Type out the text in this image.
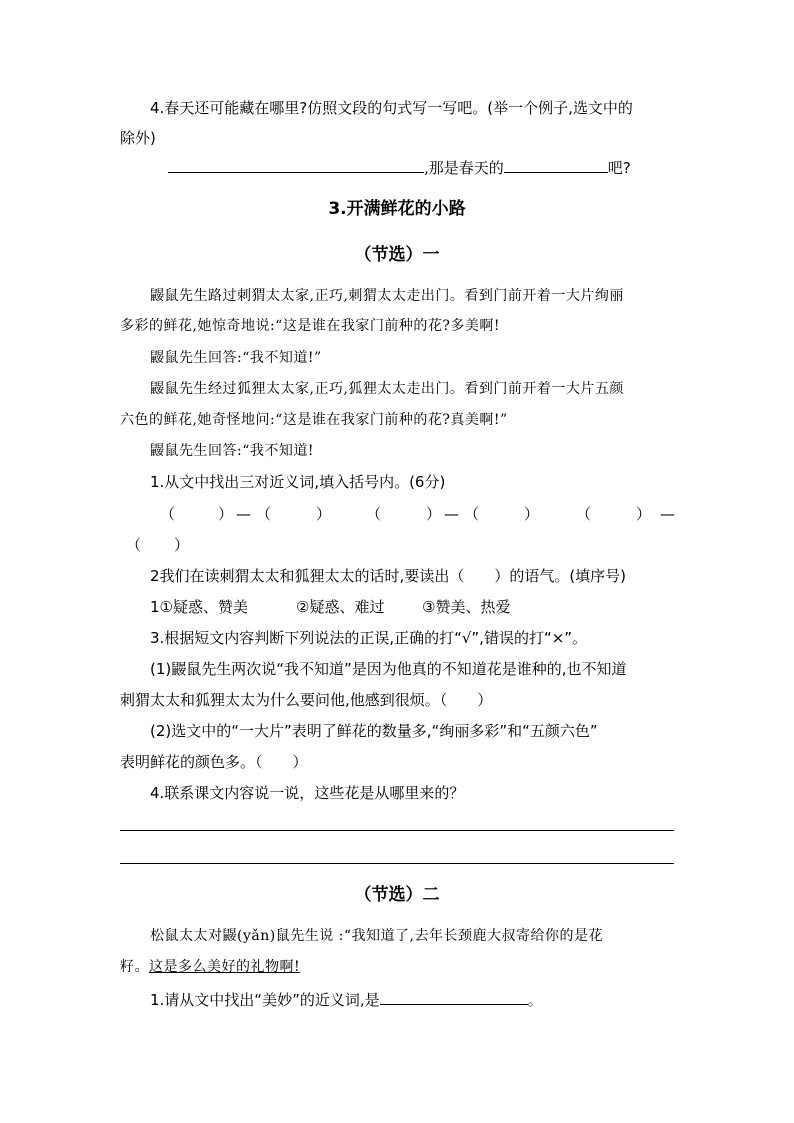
4.春天还可能藏在哪里?仿照文段的句式写一写吧。(举一个例子,选文中的
除外)
,那是春天的	吧?
3.开满鲜花的小路
（节选）一
鼹鼠先生路过刺猬太太家,正巧,刺猬太太走出门。看到门前开着一大片绚丽
多彩的鲜花,她惊奇地说:“这是谁在我家门前种的花?多美啊!
鼹鼠先生回答:“我不知道!”
鼹鼠先生经过狐狸太太家,正巧,狐狸太太走出门。看到门前开着一大片五颜
六色的鲜花,她奇怪地问:“这是谁在我家门前种的花?真美啊!”
鼹鼠先生回答:“我不知道!
1.从文中找出三对近义词,填入括号内。(6分)
（	） — （	） （	） — （	） （	） —
（ ）
2我们在读刺猬太太和狐狸太太的话时,要读出（　　）的语气。(填序号)
1①疑惑、赞美	②疑惑、难过	③赞美、热爱
3.根据短文内容判断下列说法的正误,正确的打“√”,错误的打“×”。
(1)鼹鼠先生两次说“我不知道”是因为他真的不知道花是谁种的,也不知道
刺猬太太和狐狸太太为什么要问他,他感到很烦。（　　）
(2)选文中的“一大片”表明了鲜花的数量多,“绚丽多彩”和“五颜六色”
表明鲜花的颜色多。（　　）
4.联系课文内容说一说，这些花是从哪里来的？
（节选）二
松鼠太太对鼹(yǎn)鼠先生说 :“我知道了,去年长颈鹿大叔寄给你的是花
籽。这是多么美好的礼物啊!
1.请从文中找出“美妙”的近义词,是	。
